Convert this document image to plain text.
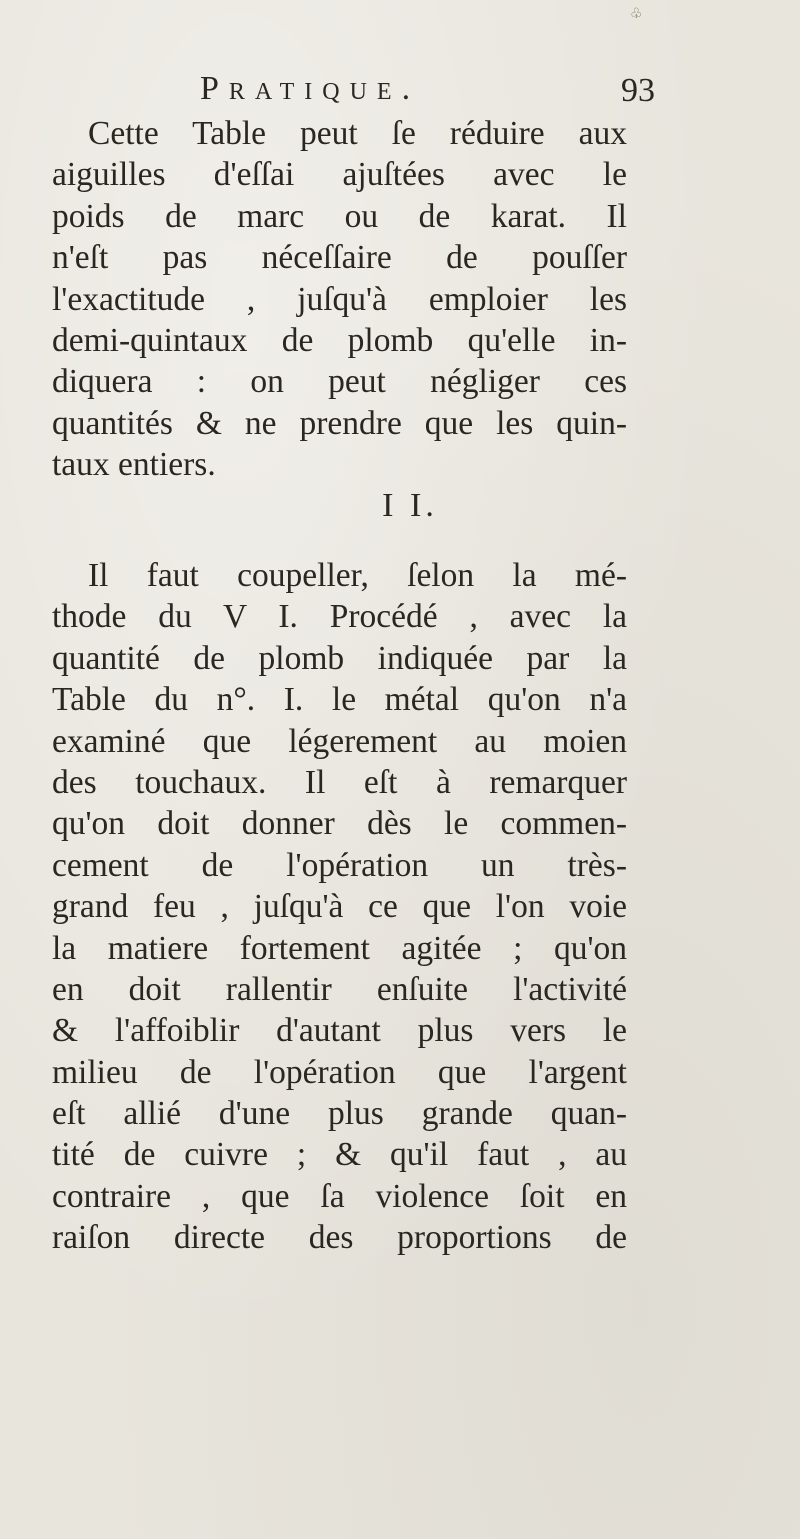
♧
Pratique.	93
Cette Table peut ſe réduire aux
aiguilles d'eſſai ajuſtées avec le
poids de marc ou de karat. Il
n'eſt pas néceſſaire de pouſſer
l'exactitude , juſqu'à emploier les
demi-quintaux de plomb qu'elle in-
diquera : on peut négliger ces
quantités & ne prendre que les quin-
taux entiers.
I I.
Il faut coupeller, ſelon la mé-
thode du V I. Procédé , avec la
quantité de plomb indiquée par la
Table du n°. I. le métal qu'on n'a
examiné que légerement au moien
des touchaux. Il eſt à remarquer
qu'on doit donner dès le commen-
cement de l'opération un très-
grand feu , juſqu'à ce que l'on voie
la matiere fortement agitée ; qu'on
en doit rallentir enſuite l'activité
& l'affoiblir d'autant plus vers le
milieu de l'opération que l'argent
eſt allié d'une plus grande quan-
tité de cuivre ; & qu'il faut , au
contraire , que ſa violence ſoit en
raiſon directe des proportions de
